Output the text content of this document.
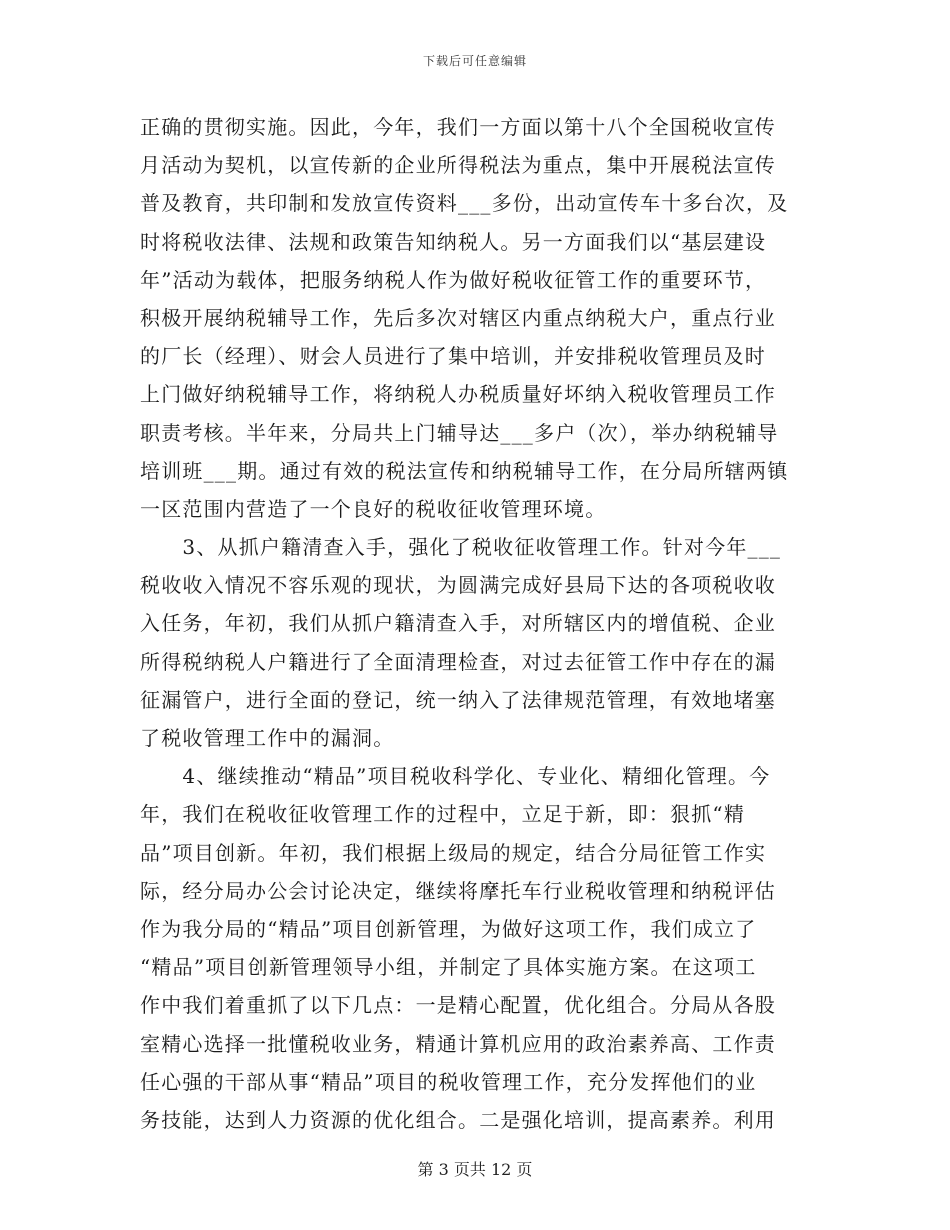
下载后可任意编辑
正确的贯彻实施。因此，今年，我们一方面以第十八个全国税收宣传
月活动为契机，以宣传新的企业所得税法为重点，集中开展税法宣传
普及教育，共印制和发放宣传资料___多份，出动宣传车十多台次，及
时将税收法律、法规和政策告知纳税人。另一方面我们以“基层建设
年”活动为载体，把服务纳税人作为做好税收征管工作的重要环节，
积极开展纳税辅导工作，先后多次对辖区内重点纳税大户，重点行业
的厂长（经理）、财会人员进行了集中培训，并安排税收管理员及时
上门做好纳税辅导工作，将纳税人办税质量好坏纳入税收管理员工作
职责考核。半年来，分局共上门辅导达___多户（次），举办纳税辅导
培训班___期。通过有效的税法宣传和纳税辅导工作，在分局所辖两镇
一区范围内营造了一个良好的税收征收管理环境。
　　3、从抓户籍清查入手，强化了税收征收管理工作。针对今年___
税收收入情况不容乐观的现状，为圆满完成好县局下达的各项税收收
入任务，年初，我们从抓户籍清查入手，对所辖区内的增值税、企业
所得税纳税人户籍进行了全面清理检查，对过去征管工作中存在的漏
征漏管户，进行全面的登记，统一纳入了法律规范管理，有效地堵塞
了税收管理工作中的漏洞。
　　4、继续推动“精品”项目税收科学化、专业化、精细化管理。今
年，我们在税收征收管理工作的过程中，立足于新，即：狠抓“精
品”项目创新。年初，我们根据上级局的规定，结合分局征管工作实
际，经分局办公会讨论决定，继续将摩托车行业税收管理和纳税评估
作为我分局的“精品”项目创新管理，为做好这项工作，我们成立了
“精品”项目创新管理领导小组，并制定了具体实施方案。在这项工
作中我们着重抓了以下几点：一是精心配置，优化组合。分局从各股
室精心选择一批懂税收业务，精通计算机应用的政治素养高、工作责
任心强的干部从事“精品”项目的税收管理工作，充分发挥他们的业
务技能，达到人力资源的优化组合。二是强化培训，提高素养。利用
第 3 页共 12 页
